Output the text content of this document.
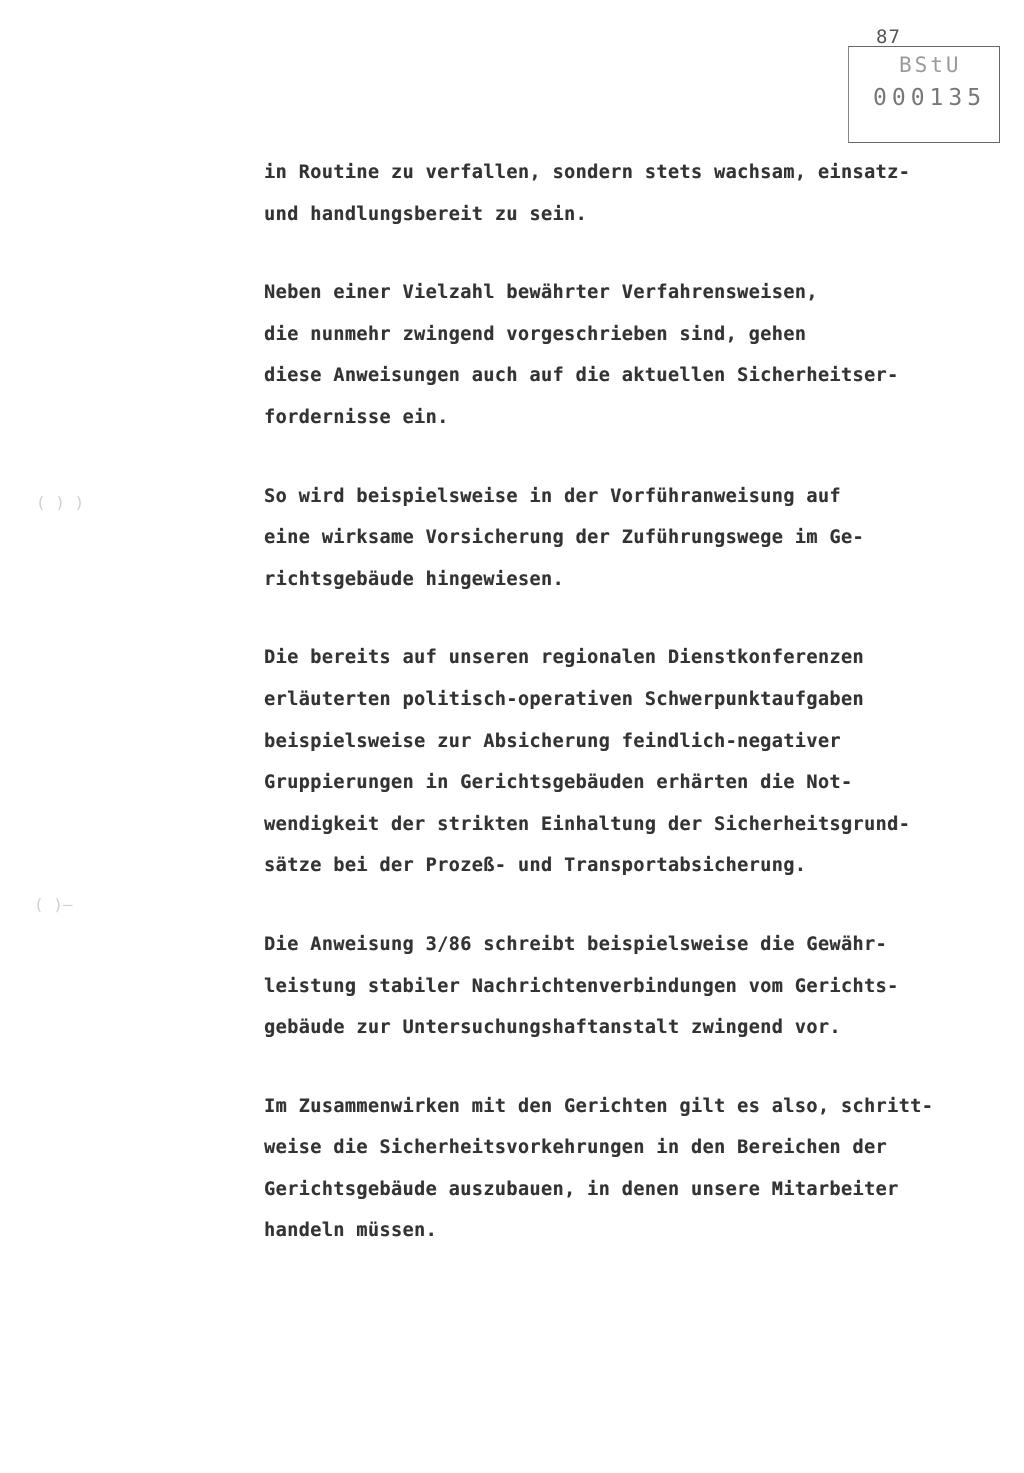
87
BStU
000135
( ) )
( )—
in Routine zu verfallen, sondern stets wachsam, einsatz-
und handlungsbereit zu sein.
Neben einer Vielzahl bewährter Verfahrensweisen,
die nunmehr zwingend vorgeschrieben sind, gehen
diese Anweisungen auch auf die aktuellen Sicherheitser-
fordernisse ein.
So wird beispielsweise in der Vorführanweisung auf
eine wirksame Vorsicherung der Zuführungswege im Ge-
richtsgebäude hingewiesen.
Die bereits auf unseren regionalen Dienstkonferenzen
erläuterten politisch-operativen Schwerpunktaufgaben
beispielsweise zur Absicherung feindlich-negativer
Gruppierungen in Gerichtsgebäuden erhärten die Not-
wendigkeit der strikten Einhaltung der Sicherheitsgrund-
sätze bei der Prozeß- und Transportabsicherung.
Die Anweisung 3/86 schreibt beispielsweise die Gewähr-
leistung stabiler Nachrichtenverbindungen vom Gerichts-
gebäude zur Untersuchungshaftanstalt zwingend vor.
Im Zusammenwirken mit den Gerichten gilt es also, schritt-
weise die Sicherheitsvorkehrungen in den Bereichen der
Gerichtsgebäude auszubauen, in denen unsere Mitarbeiter
handeln müssen.
